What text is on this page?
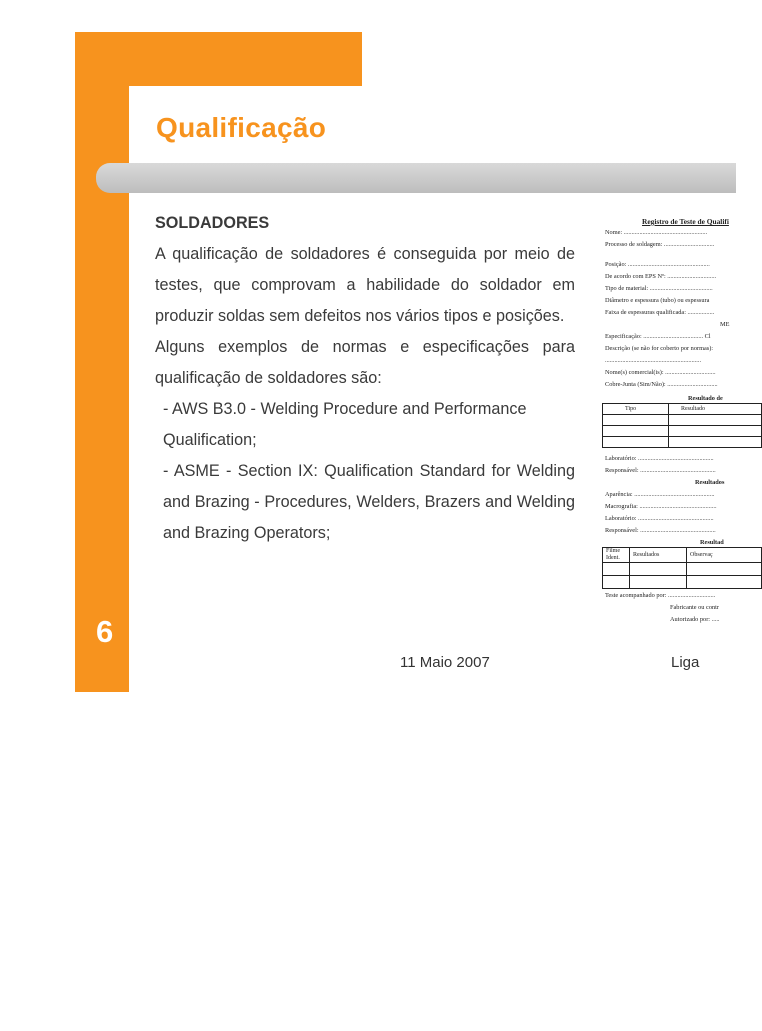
Qualificação

SOLDADORES

A qualificação de soldadores é conseguida por meio de testes, que comprovam a habilidade do soldador em produzir soldas sem defeitos nos vários tipos e posições.

Alguns exemplos de normas e especificações para qualificação de soldadores são:

- AWS B3.0 - Welding Procedure and Performance Qualification;

- ASME - Section IX: Qualification Standard for Welding and Brazing - Procedures, Welders, Brazers and Welding and Brazing Operators;

Registro de Teste de Qualifi
Nome: .....................................................
Processo de soldagem: ................................
Posição: ....................................................
De acordo com EPS Nº: ...............................
Tipo de material: ........................................
Diâmetro e espessura (tubo) ou espessura
Faixa de espessuras qualificada: .................
ME
Especificação: ...................................... Cl
Descrição (se não for coberto por normas):
.............................................................
Nome(s) comercial(is): ................................
Cobre-Junta (Sim/Não): ................................
Resultado de
Tipo	Resultado

Laboratório: ................................................
Responsável: ................................................
Resultados
Aparência: ...................................................
Macrografia: .................................................
Laboratório: ................................................
Responsável: ................................................
Resultad
Filme Ident.	Resultados	Observaç

Teste acompanhado por: ..............................
Fabricante ou contr
Autorizado por: .....
6
11 Maio 2007	Liga
